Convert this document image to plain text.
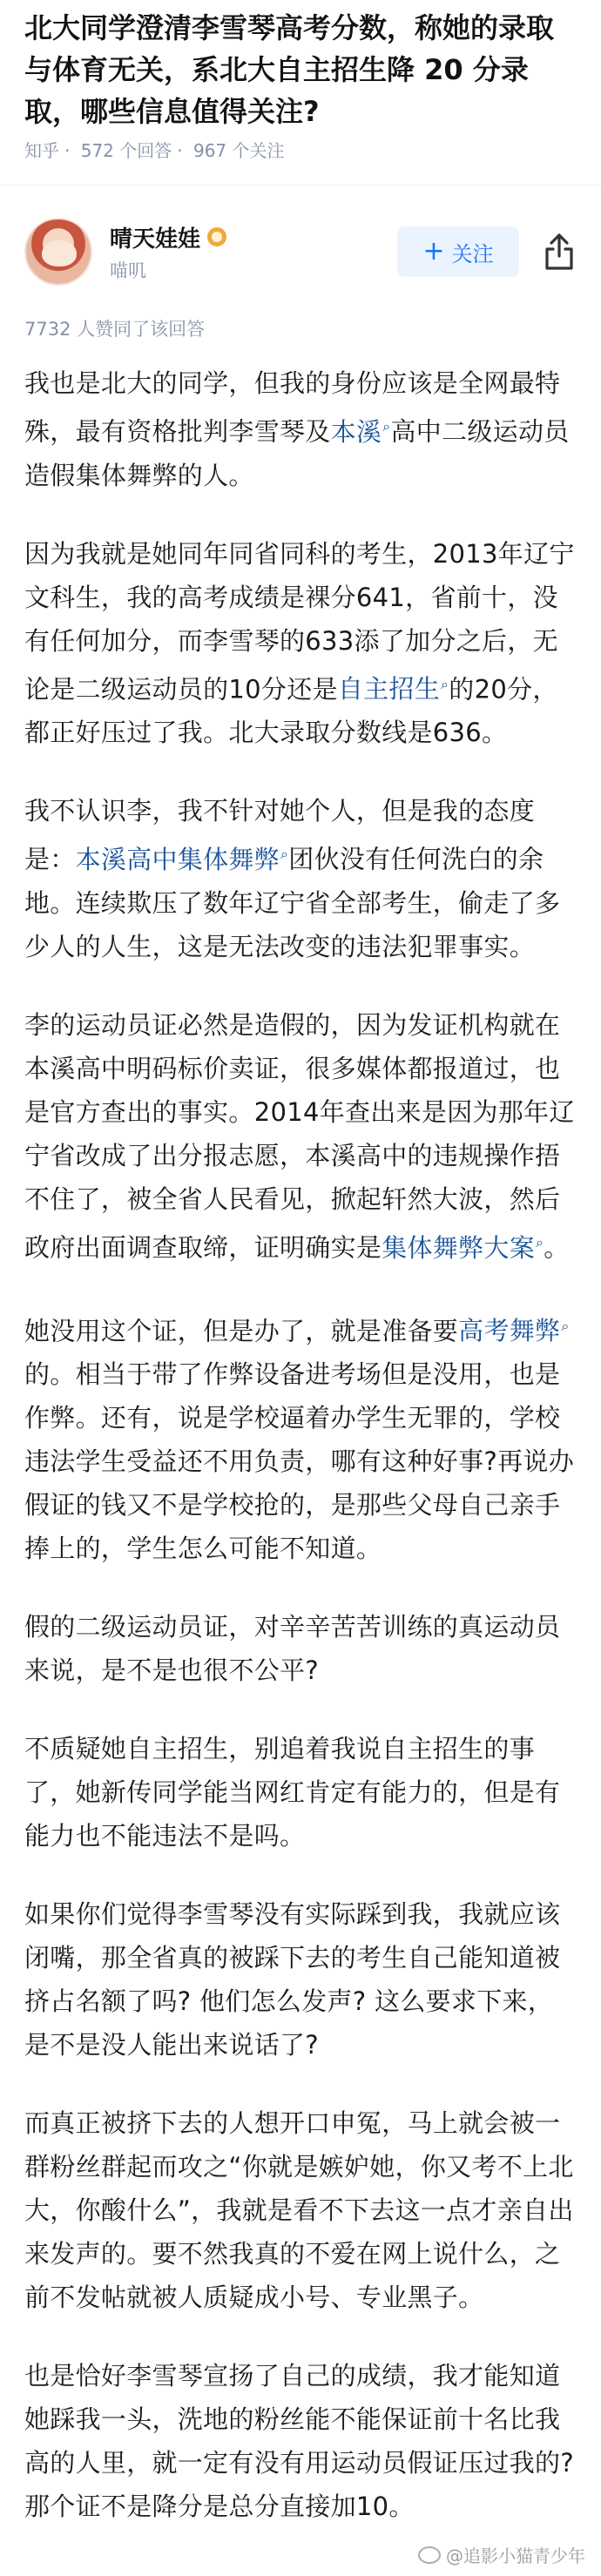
北大同学澄清李雪琴高考分数，称她的录取与体育无关，系北大自主招生降 20 分录取，哪些信息值得关注?
知乎 · 572 个回答 · 967 个关注
晴天娃娃
喵叽
+ 关注
7732 人赞同了该回答

我也是北大的同学，但我的身份应该是全网最特殊，最有资格批判李雪琴及本溪 ⌕ 高中二级运动员造假集体舞弊的人。

因为我就是她同年同省同科的考生，2013年辽宁文科生，我的高考成绩是裸分641，省前十，没有任何加分，而李雪琴的633添了加分之后，无论是二级运动员的10分还是自主招生 ⌕ 的20分，都正好压过了我。北大录取分数线是636。

我不认识李，我不针对她个人，但是我的态度是：本溪高中集体舞弊 ⌕ 团伙没有任何洗白的余地。连续欺压了数年辽宁省全部考生，偷走了多少人的人生，这是无法改变的违法犯罪事实。

李的运动员证必然是造假的，因为发证机构就在本溪高中明码标价卖证，很多媒体都报道过，也是官方查出的事实。2014年查出来是因为那年辽宁省改成了出分报志愿，本溪高中的违规操作捂不住了，被全省人民看见，掀起轩然大波，然后政府出面调查取缔，证明确实是集体舞弊大案 ⌕ 。

她没用这个证，但是办了，就是准备要高考舞弊 ⌕的。相当于带了作弊设备进考场但是没用，也是作弊。还有，说是学校逼着办学生无罪的，学校违法学生受益还不用负责，哪有这种好事?再说办假证的钱又不是学校抢的，是那些父母自己亲手捧上的，学生怎么可能不知道。

假的二级运动员证，对辛辛苦苦训练的真运动员来说，是不是也很不公平?

不质疑她自主招生，别追着我说自主招生的事了，她新传同学能当网红肯定有能力的，但是有能力也不能违法不是吗。

如果你们觉得李雪琴没有实际踩到我，我就应该闭嘴，那全省真的被踩下去的考生自己能知道被挤占名额了吗? 他们怎么发声? 这么要求下来，是不是没人能出来说话了?

而真正被挤下去的人想开口申冤，马上就会被一群粉丝群起而攻之“你就是嫉妒她，你又考不上北大，你酸什么”，我就是看不下去这一点才亲自出来发声的。要不然我真的不爱在网上说什么，之前不发帖就被人质疑成小号、专业黑子。

也是恰好李雪琴宣扬了自己的成绩，我才能知道她踩我一头，洗地的粉丝能不能保证前十名比我高的人里，就一定有没有用运动员假证压过我的? 那个证不是降分是总分直接加10。

@追影小猫青少年
